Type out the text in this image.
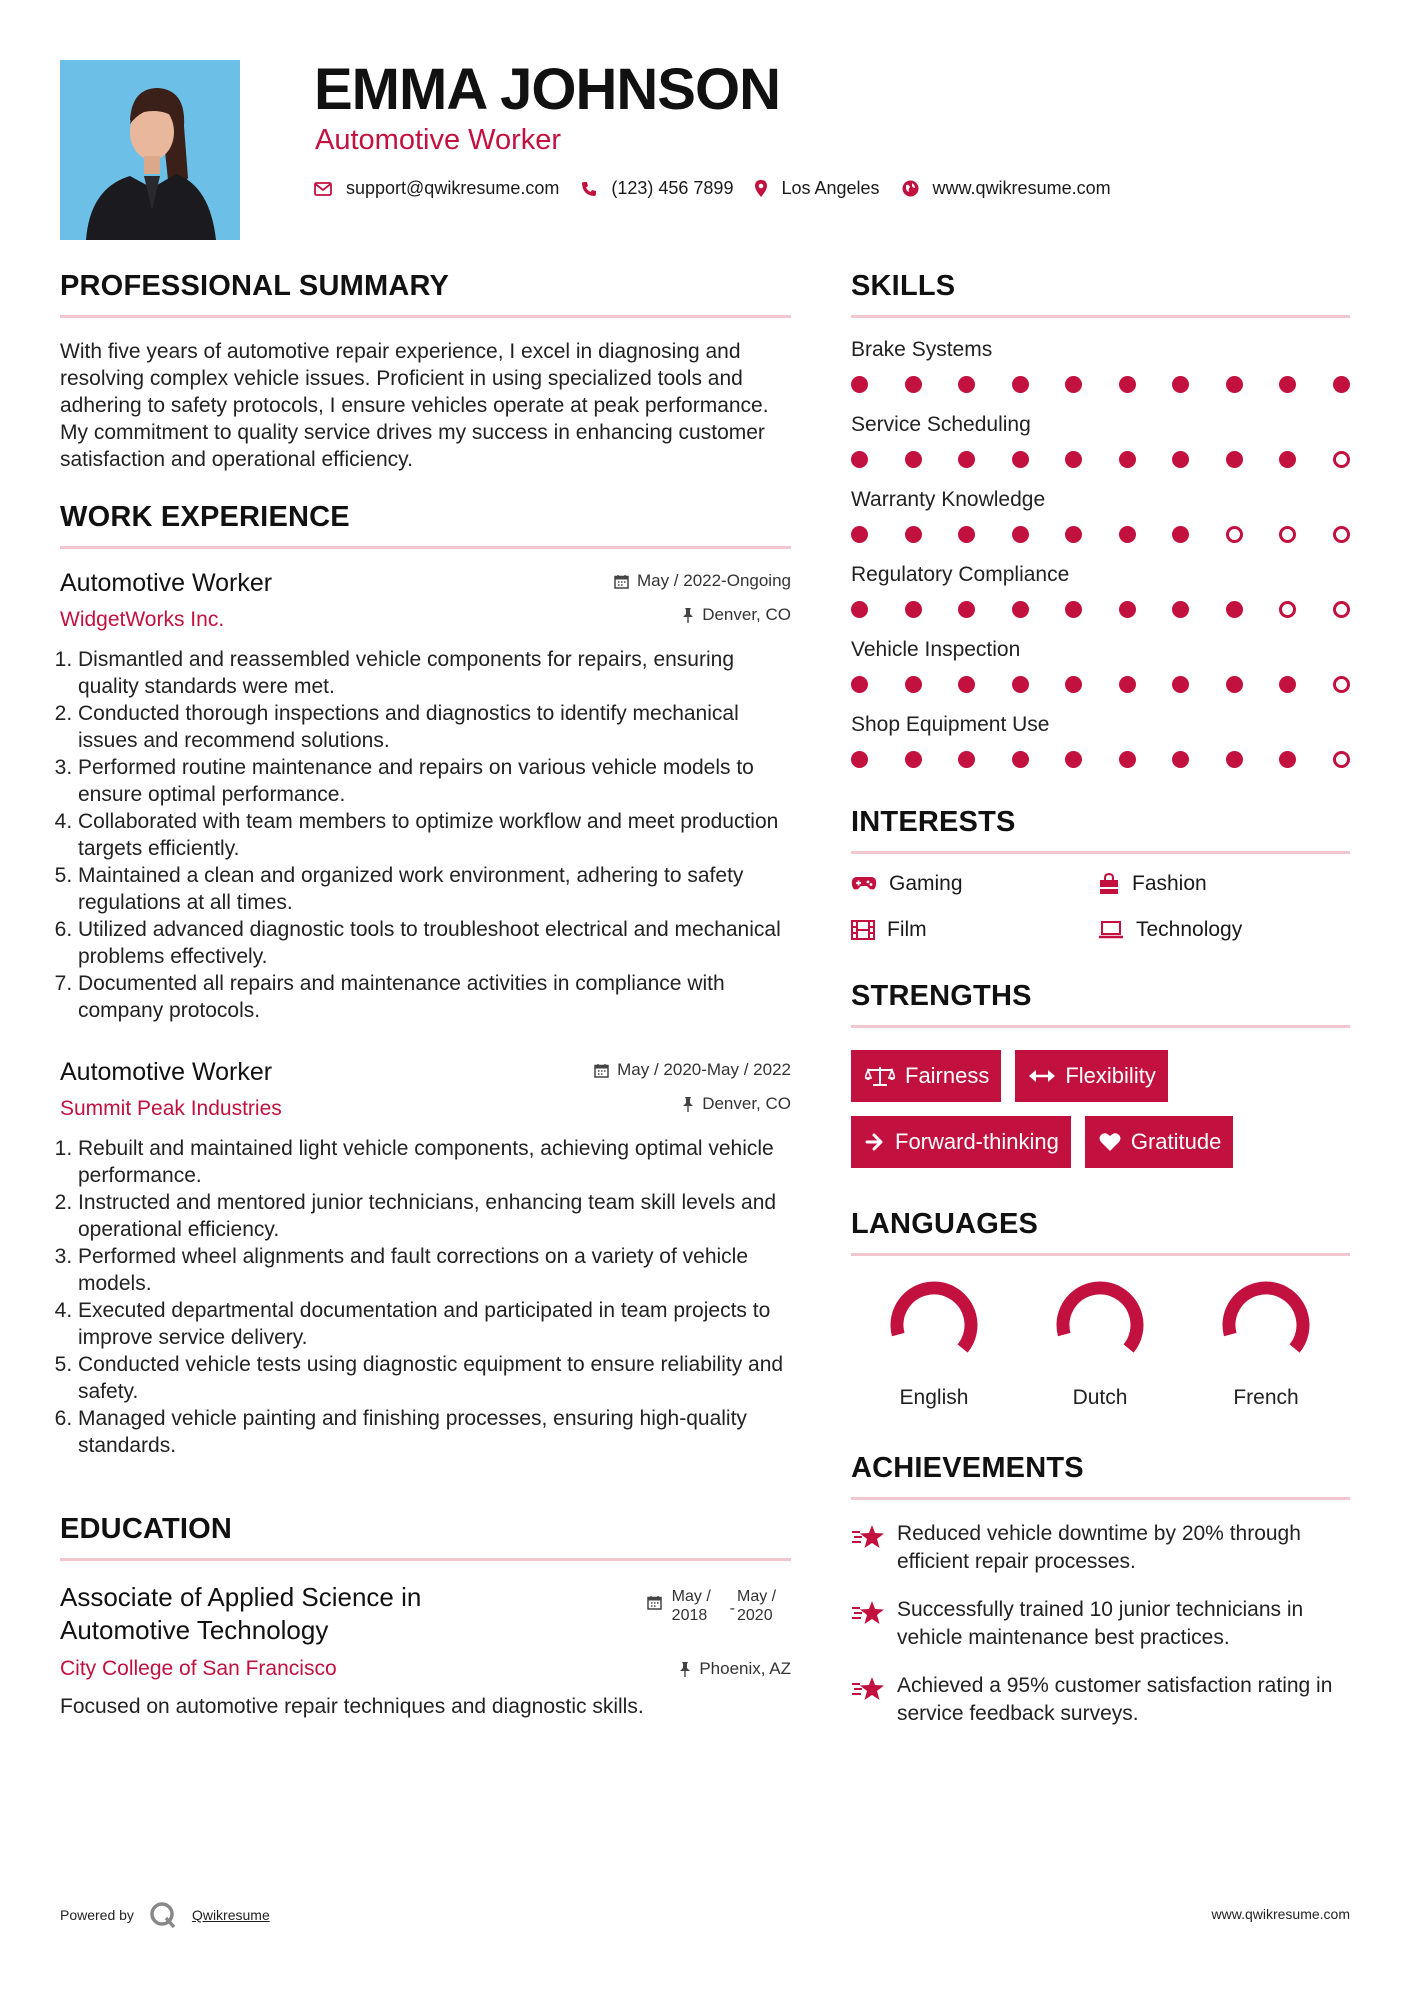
EMMA JOHNSON
Automotive Worker
support@qwikresume.com	(123) 456 7899	Los Angeles	www.qwikresume.com
PROFESSIONAL SUMMARY

With five years of automotive repair experience, I excel in diagnosing and resolving complex vehicle issues. Proficient in using specialized tools and adhering to safety protocols, I ensure vehicles operate at peak performance. My commitment to quality service drives my success in enhancing customer satisfaction and operational efficiency.

WORK EXPERIENCE
Automotive Worker
WidgetWorks Inc.
May / 2022-Ongoing
Denver, CO
1. Dismantled and reassembled vehicle components for repairs, ensuring quality standards were met.
2. Conducted thorough inspections and diagnostics to identify mechanical issues and recommend solutions.
3. Performed routine maintenance and repairs on various vehicle models to ensure optimal performance.
4. Collaborated with team members to optimize workflow and meet production targets efficiently.
5. Maintained a clean and organized work environment, adhering to safety regulations at all times.
6. Utilized advanced diagnostic tools to troubleshoot electrical and mechanical problems effectively.
7. Documented all repairs and maintenance activities in compliance with company protocols.
Automotive Worker
Summit Peak Industries
May / 2020-May / 2022
Denver, CO
1. Rebuilt and maintained light vehicle components, achieving optimal vehicle performance.
2. Instructed and mentored junior technicians, enhancing team skill levels and operational efficiency.
3. Performed wheel alignments and fault corrections on a variety of vehicle models.
4. Executed departmental documentation and participated in team projects to improve service delivery.
5. Conducted vehicle tests using diagnostic equipment to ensure reliability and safety.
6. Managed vehicle painting and finishing processes, ensuring high-quality standards.
EDUCATION
Associate of Applied Science in Automotive Technology
May / 2018	-
May / 2020
City College of San Francisco	Phoenix, AZ

Focused on automotive repair techniques and diagnostic skills.

SKILLS
Brake Systems
Service Scheduling
Warranty Knowledge
Regulatory Compliance
Vehicle Inspection
Shop Equipment Use
INTERESTS
Gaming	Fashion
Film	Technology
STRENGTHS
Fairness	Flexibility
Forward-thinking	Gratitude
LANGUAGES
English	Dutch	French
ACHIEVEMENTS
Reduced vehicle downtime by 20% through efficient repair processes.
Successfully trained 10 junior technicians in vehicle maintenance best practices.
Achieved a 95% customer satisfaction rating in service feedback surveys.
Powered by	Qwikresume	www.qwikresume.com
